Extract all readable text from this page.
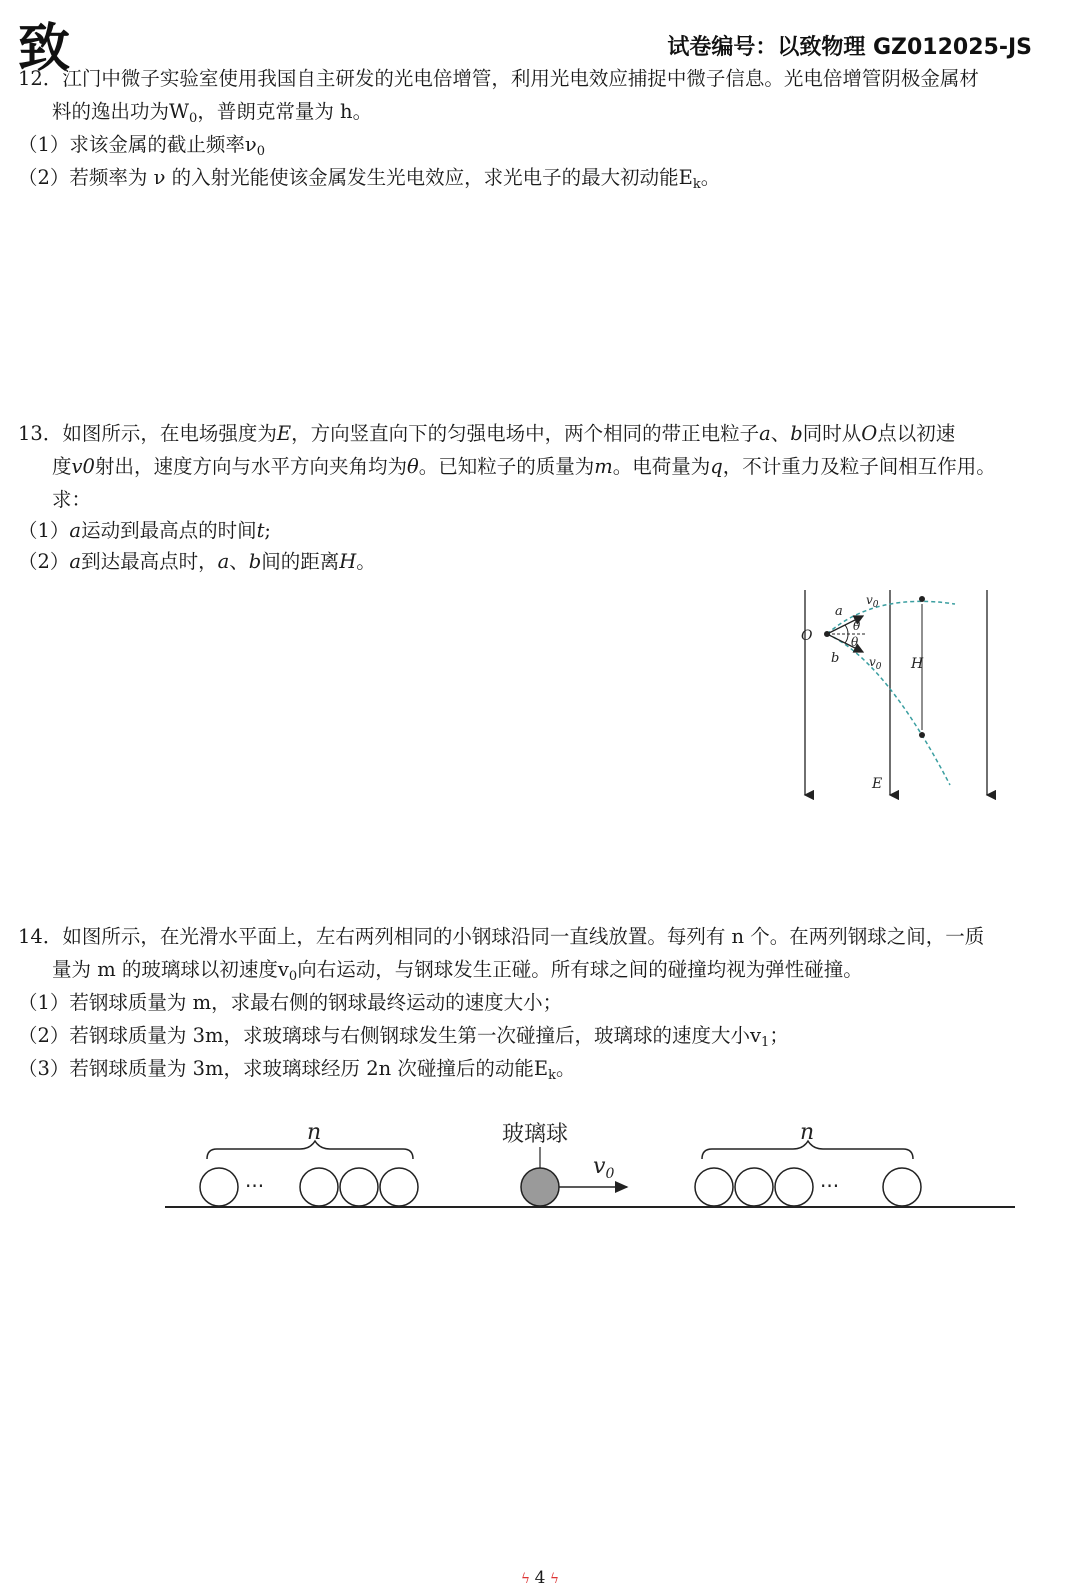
致	试卷编号：以致物理 GZ012025-JS
12．江门中微子实验室使用我国自主研发的光电倍增管，利用光电效应捕捉中微子信息。光电倍增管阴极金属材
料的逸出功为$W_0$，普朗克常量为 h。
（1）求该金属的截止频率$\nu_0$
（2）若频率为 ν 的入射光能使该金属发生光电效应，求光电子的最大初动能$E_k$。
13．如图所示，在电场强度为E，方向竖直向下的匀强电场中，两个相同的带正电粒子a、b同时从O点以初速
度v0射出，速度方向与水平方向夹角均为θ。已知粒子的质量为m。电荷量为q，不计重力及粒子间相互作用。
求：
（1）a运动到最高点的时间t;
（2）a到达最高点时，a、b间的距离H。
O
a
b
$v_0$
$v_0$
θ
θ
H
E
14．如图所示，在光滑水平面上，左右两列相同的小钢球沿同一直线放置。每列有 n 个。在两列钢球之间，一质
量为 m 的玻璃球以初速度$v_0$向右运动，与钢球发生正碰。所有球之间的碰撞均视为弹性碰撞。
（1）若钢球质量为 m，求最右侧的钢球最终运动的速度大小；
（2）若钢球质量为 3m，求玻璃球与右侧钢球发生第一次碰撞后，玻璃球的速度大小$v_1$；
（3）若钢球质量为 3m，求玻璃球经历 2n 次碰撞后的动能$E_k$。
n
···
玻璃球
$v_0$
n
···
ϟ 4 ϟ
